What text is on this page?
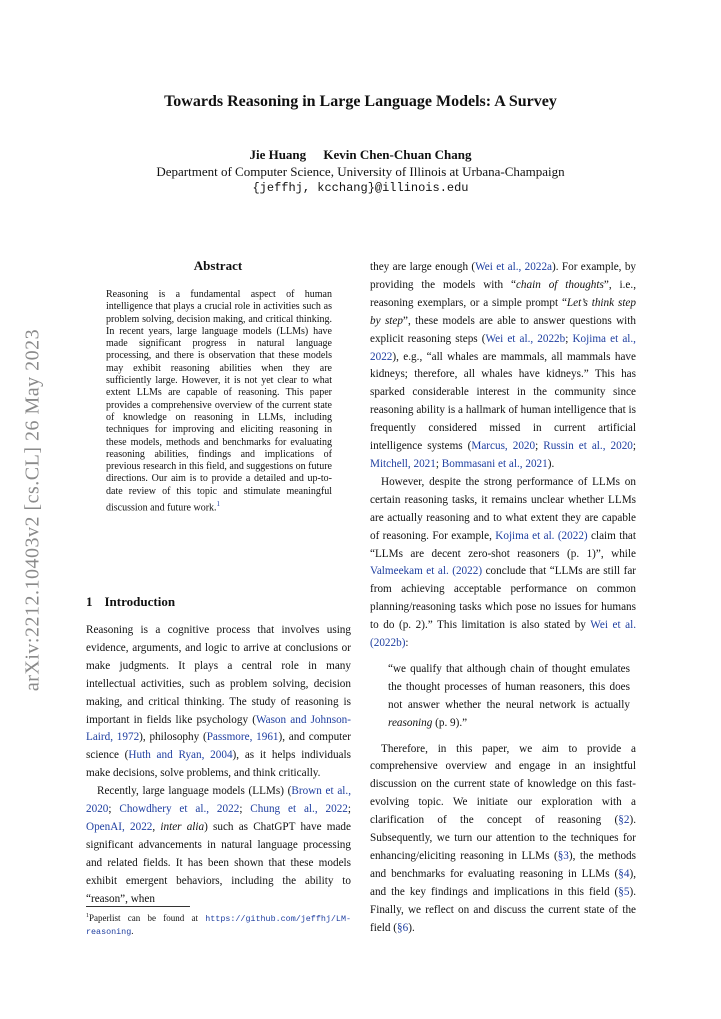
arXiv:2212.10403v2 [cs.CL] 26 May 2023
Towards Reasoning in Large Language Models: A Survey
Jie Huang Kevin Chen-Chuan Chang
Department of Computer Science, University of Illinois at Urbana-Champaign
{jeffhj, kcchang}@illinois.edu
Abstract
Reasoning is a fundamental aspect of human intelligence that plays a crucial role in activities such as problem solving, decision making, and critical thinking. In recent years, large language models (LLMs) have made significant progress in natural language processing, and there is observation that these models may exhibit reasoning abilities when they are sufficiently large. However, it is not yet clear to what extent LLMs are capable of reasoning. This paper provides a comprehensive overview of the current state of knowledge on reasoning in LLMs, including techniques for improving and eliciting reasoning in these models, methods and benchmarks for evaluating reasoning abilities, findings and implications of previous research in this field, and suggestions on future directions. Our aim is to provide a detailed and up-to-date review of this topic and stimulate meaningful discussion and future work.$^1$
1 Introduction

Reasoning is a cognitive process that involves using evidence, arguments, and logic to arrive at conclusions or make judgments. It plays a central role in many intellectual activities, such as problem solving, decision making, and critical thinking. The study of reasoning is important in fields like psychology (Wason and Johnson-Laird, 1972), philosophy (Passmore, 1961), and computer science (Huth and Ryan, 2004), as it helps individuals make decisions, solve problems, and think critically.

Recently, large language models (LLMs) (Brown et al., 2020; Chowdhery et al., 2022; Chung et al., 2022; OpenAI, 2022, inter alia) such as ChatGPT have made significant advancements in natural language processing and related fields. It has been shown that these models exhibit emergent behaviors, including the ability to “reason”, when

they are large enough (Wei et al., 2022a). For example, by providing the models with “chain of thoughts”, i.e., reasoning exemplars, or a simple prompt “Let’s think step by step”, these models are able to answer questions with explicit reasoning steps (Wei et al., 2022b; Kojima et al., 2022), e.g., “all whales are mammals, all mammals have kidneys; therefore, all whales have kidneys.” This has sparked considerable interest in the community since reasoning ability is a hallmark of human intelligence that is frequently considered missed in current artificial intelligence systems (Marcus, 2020; Russin et al., 2020; Mitchell, 2021; Bommasani et al., 2021).

However, despite the strong performance of LLMs on certain reasoning tasks, it remains unclear whether LLMs are actually reasoning and to what extent they are capable of reasoning. For example, Kojima et al. (2022) claim that “LLMs are decent zero-shot reasoners (p. 1)”, while Valmeekam et al. (2022) conclude that “LLMs are still far from achieving acceptable performance on common planning/reasoning tasks which pose no issues for humans to do (p. 2).” This limitation is also stated by Wei et al. (2022b):

“we qualify that although chain of thought emulates the thought processes of human reasoners, this does not answer whether the neural network is actually reasoning (p. 9).”

Therefore, in this paper, we aim to provide a comprehensive overview and engage in an insightful discussion on the current state of knowledge on this fast-evolving topic. We initiate our exploration with a clarification of the concept of reasoning (§2). Subsequently, we turn our attention to the techniques for enhancing/eliciting reasoning in LLMs (§3), the methods and benchmarks for evaluating reasoning in LLMs (§4), and the key findings and implications in this field (§5). Finally, we reflect on and discuss the current state of the field (§6).

$^1$Paperlist can be found at https://github.com/jeffhj/LM-reasoning.
